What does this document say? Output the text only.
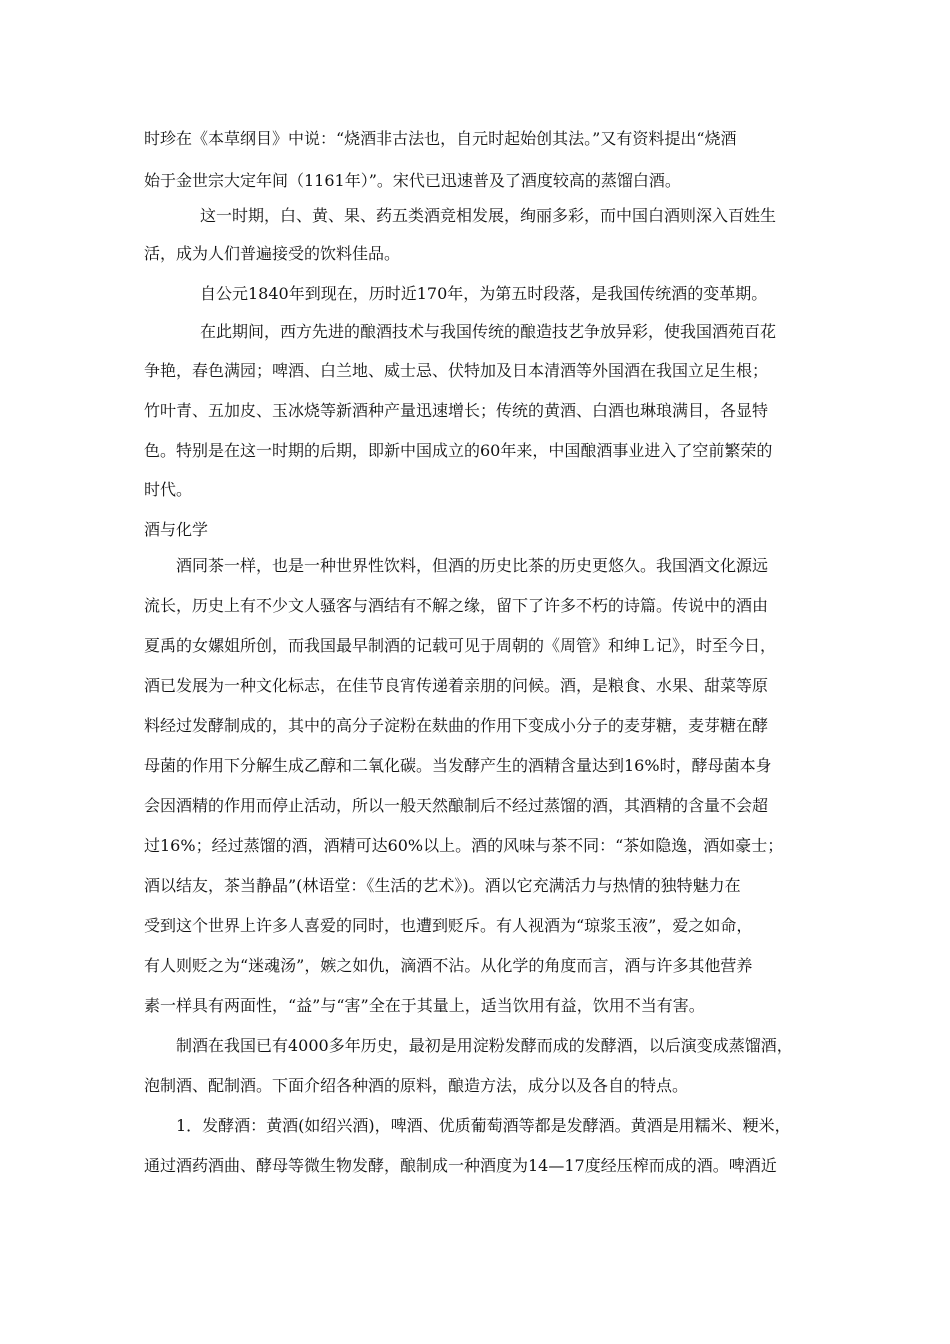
时珍在《本草纲目》中说：“烧酒非古法也，自元时起始创其法。”又有资料提出“烧酒
始于金世宗大定年间（1161年）”。宋代已迅速普及了酒度较高的蒸馏白酒。
这一时期，白、黄、果、药五类酒竞相发展，绚丽多彩，而中国白酒则深入百姓生
活，成为人们普遍接受的饮料佳品。
自公元1840年到现在，历时近170年，为第五时段落，是我国传统酒的变革期。
在此期间，西方先进的酿酒技术与我国传统的酿造技艺争放异彩，使我国酒苑百花
争艳，春色满园；啤酒、白兰地、威士忌、伏特加及日本清酒等外国酒在我国立足生根；
竹叶青、五加皮、玉冰烧等新酒种产量迅速增长；传统的黄酒、白酒也琳琅满目，各显特
色。特别是在这一时期的后期，即新中国成立的60年来，中国酿酒事业进入了空前繁荣的
时代。
酒与化学
酒同茶一样，也是一种世界性饮料，但酒的历史比茶的历史更悠久。我国酒文化源远
流长，历史上有不少文人骚客与酒结有不解之缘，留下了许多不朽的诗篇。传说中的酒由
夏禹的女嫘姐所创，而我国最早制酒的记载可见于周朝的《周管》和绅Ｌ记》，时至今日，
酒已发展为一种文化标志，在佳节良宵传递着亲朋的问候。酒，是粮食、水果、甜菜等原
料经过发酵制成的，其中的高分子淀粉在麸曲的作用下变成小分子的麦芽糖，麦芽糖在酵
母菌的作用下分解生成乙醇和二氧化碳。当发酵产生的酒精含量达到16%时，酵母菌本身
会因酒精的作用而停止活动，所以一般天然酿制后不经过蒸馏的酒，其酒精的含量不会超
过16%；经过蒸馏的酒，酒精可达60%以上。酒的风味与茶不同：“茶如隐逸，酒如豪士；
酒以结友，茶当静晶”(林语堂：《生活的艺术》)。酒以它充满活力与热情的独特魅力在
受到这个世界上许多人喜爱的同时，也遭到贬斥。有人视酒为“琼浆玉液”，爱之如命，
有人则贬之为“迷魂汤”，嫉之如仇，滴酒不沾。从化学的角度而言，酒与许多其他营养
素一样具有两面性，“益”与“害”全在于其量上，适当饮用有益，饮用不当有害。
制酒在我国已有4000多年历史，最初是用淀粉发酵而成的发酵酒，以后演变成蒸馏酒，
泡制酒、配制酒。下面介绍各种酒的原料，酿造方法，成分以及各自的特点。
1．发酵酒：黄酒(如绍兴酒)，啤酒、优质葡萄酒等都是发酵酒。黄酒是用糯米、粳米，
通过酒药酒曲、酵母等微生物发酵，酿制成一种酒度为14—17度经压榨而成的酒。啤酒近
